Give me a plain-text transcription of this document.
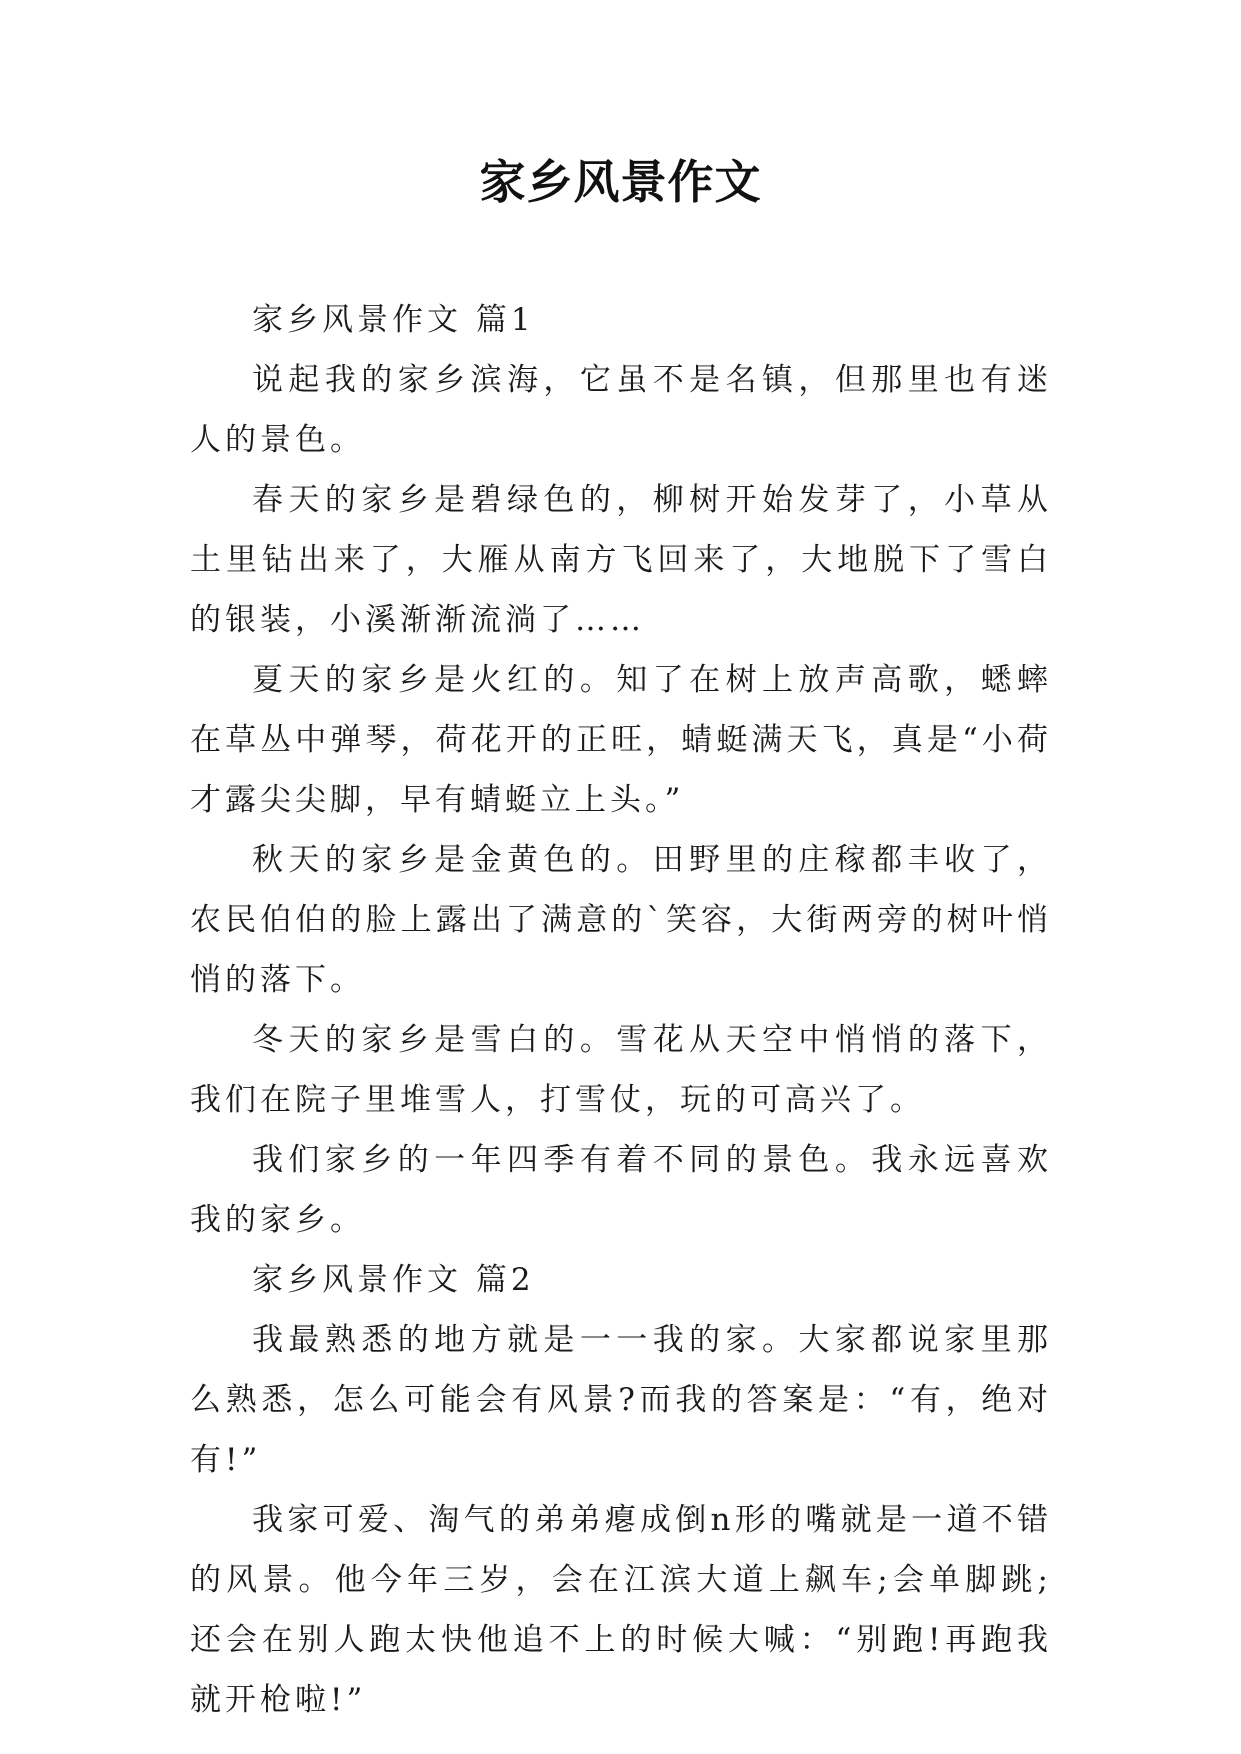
家乡风景作文

家乡风景作文 篇1

说起我的家乡滨海，它虽不是名镇，但那里也有迷人的景色。

春天的家乡是碧绿色的，柳树开始发芽了，小草从土里钻出来了，大雁从南方飞回来了，大地脱下了雪白的银装，小溪渐渐流淌了……

夏天的家乡是火红的。知了在树上放声高歌，蟋蟀在草丛中弹琴，荷花开的正旺，蜻蜓满天飞，真是“小荷才露尖尖脚，早有蜻蜓立上头。”

秋天的家乡是金黄色的。田野里的庄稼都丰收了，农民伯伯的脸上露出了满意的`笑容，大街两旁的树叶悄悄的落下。

冬天的家乡是雪白的。雪花从天空中悄悄的落下，我们在院子里堆雪人，打雪仗，玩的可高兴了。

我们家乡的一年四季有着不同的景色。我永远喜欢我的家乡。

家乡风景作文 篇2

我最熟悉的地方就是一一我的家。大家都说家里那么熟悉，怎么可能会有风景?而我的答案是：“有，绝对有!”

我家可爱、淘气的弟弟瘪成倒n形的嘴就是一道不错的风景。他今年三岁，会在江滨大道上飙车;会单脚跳;还会在别人跑太快他追不上的时候大喊：“别跑!再跑我就开枪啦!”
